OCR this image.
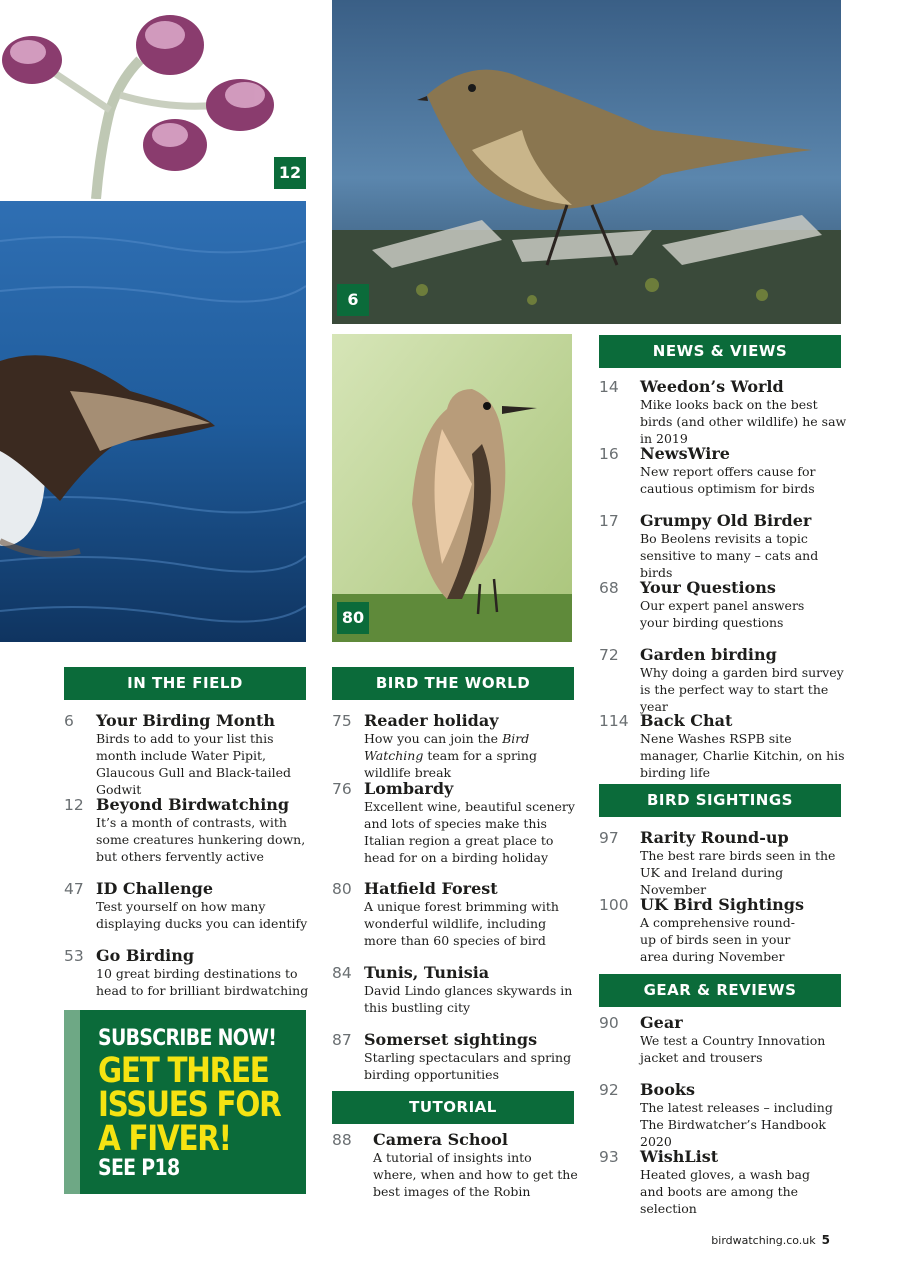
12
6
80
IN THE FIELD
6 Your Birding Month
Birds to add to your list this month include Water Pipit, Glaucous Gull and Black-tailed Godwit
12 Beyond Birdwatching
It’s a month of contrasts, with some creatures hunkering down, but others fervently active
47 ID Challenge
Test yourself on how many displaying ducks you can identify
53 Go Birding
10 great birding destinations to head to for brilliant birdwatching
SUBSCRIBE NOW!
GET THREE
ISSUES FOR
A FIVER!
SEE P18
BIRD THE WORLD
75 Reader holiday
How you can join the Bird Watching team for a spring wildlife break
76 Lombardy
Excellent wine, beautiful scenery and lots of species make this Italian region a great place to head for on a birding holiday
80 Hatfield Forest
A unique forest brimming with wonderful wildlife, including more than 60 species of bird
84 Tunis, Tunisia
David Lindo glances skywards in this bustling city
87 Somerset sightings
Starling spectaculars and spring birding opportunities
TUTORIAL
88 Camera School
A tutorial of insights into where, when and how to get the best images of the Robin
NEWS & VIEWS
14 Weedon’s World
Mike looks back on the best birds (and other wildlife) he saw in 2019
16 NewsWire
New report offers cause for cautious optimism for birds
17 Grumpy Old Birder
Bo Beolens revisits a topic sensitive to many – cats and birds
68 Your Questions
Our expert panel answers your birding questions
72 Garden birding
Why doing a garden bird survey is the perfect way to start the year
114 Back Chat
Nene Washes RSPB site manager, Charlie Kitchin, on his birding life
BIRD SIGHTINGS
97 Rarity Round-up
The best rare birds seen in the UK and Ireland during November
100 UK Bird Sightings
A comprehensive round-up of birds seen in your area during November
GEAR & REVIEWS
90 Gear
We test a Country Innovation jacket and trousers
92 Books
The latest releases – including The Birdwatcher’s Handbook 2020
93 WishList
Heated gloves, a wash bag and boots are among the selection
birdwatching.co.uk 5
